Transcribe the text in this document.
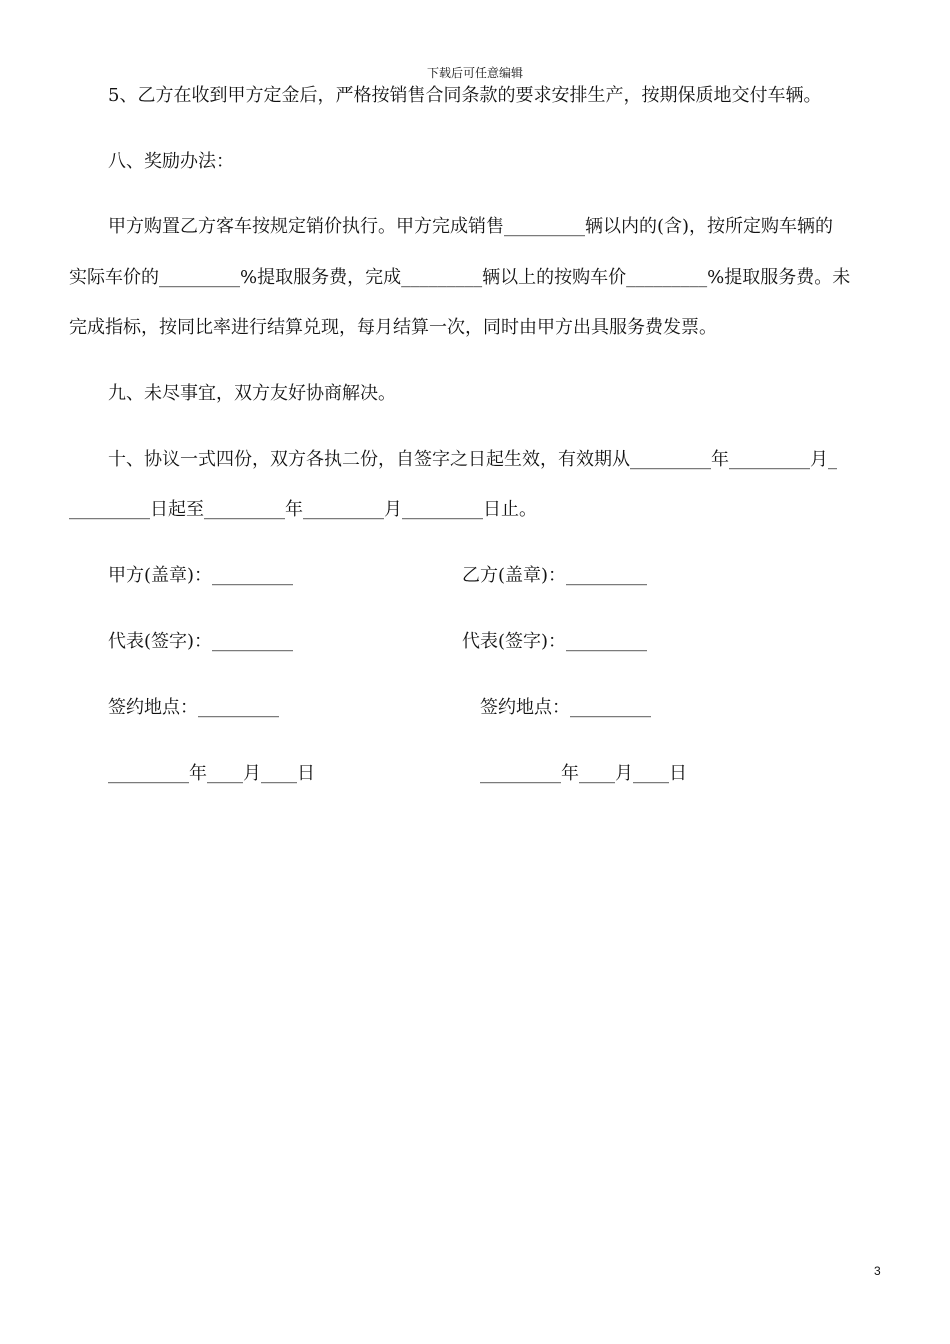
下载后可任意编辑
5、乙方在收到甲方定金后，严格按销售合同条款的要求安排生产，按期保质地交付车辆。
八、奖励办法：
甲方购置乙方客车按规定销价执行。甲方完成销售_________辆以内的(含)，按所定购车辆的
实际车价的_________%提取服务费，完成_________辆以上的按购车价_________%提取服务费。未
完成指标，按同比率进行结算兑现，每月结算一次，同时由甲方出具服务费发票。
九、未尽事宜，双方友好协商解决。
十、协议一式四份，双方各执二份，自签字之日起生效，有效期从_________年_________月_
_________日起至_________年_________月_________日止。
甲方(盖章)：_________	乙方(盖章)：_________
代表(签字)：_________	代表(签字)：_________
签约地点：_________	签约地点：_________
_________年____月____日	_________年____月____日
3
